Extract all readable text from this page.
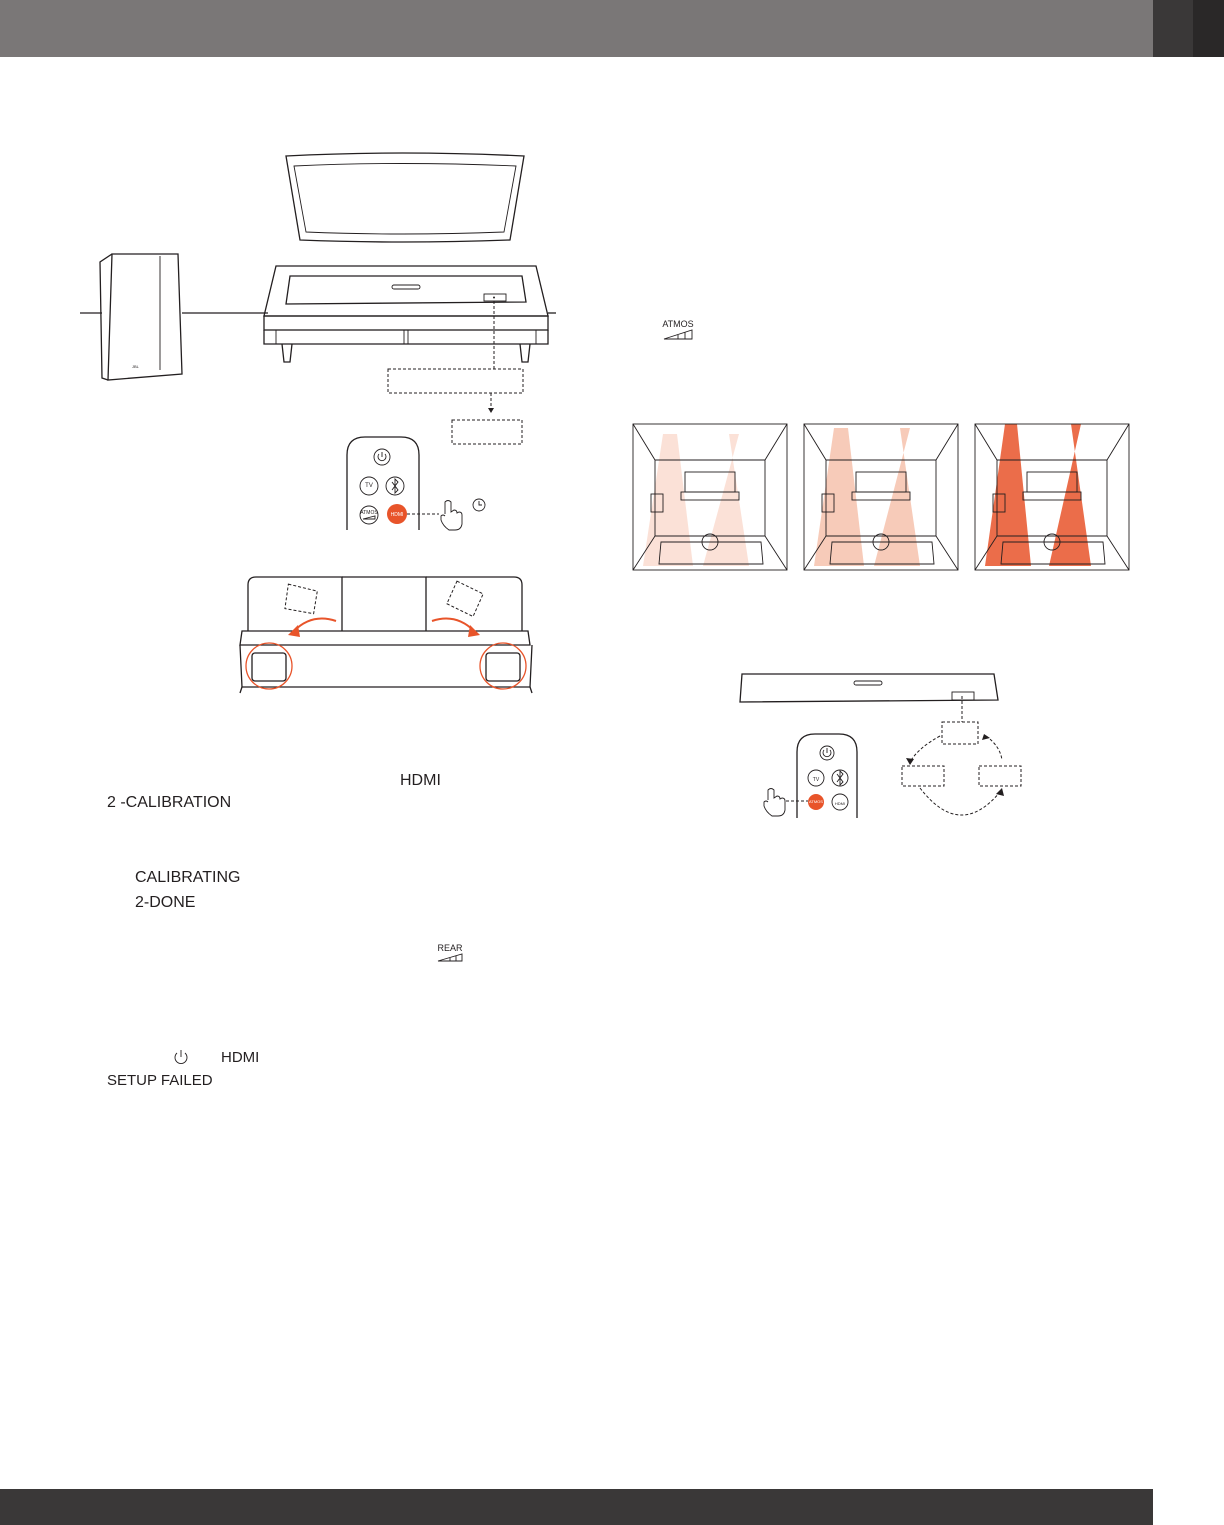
JBL
TV
ATMOS	HDMI
HDMI
2 -CALIBRATION
CALIBRATING
2-DONE
REAR
HDMI
SETUP FAILED
ATMOS
TV
ATMOS	HDMI
